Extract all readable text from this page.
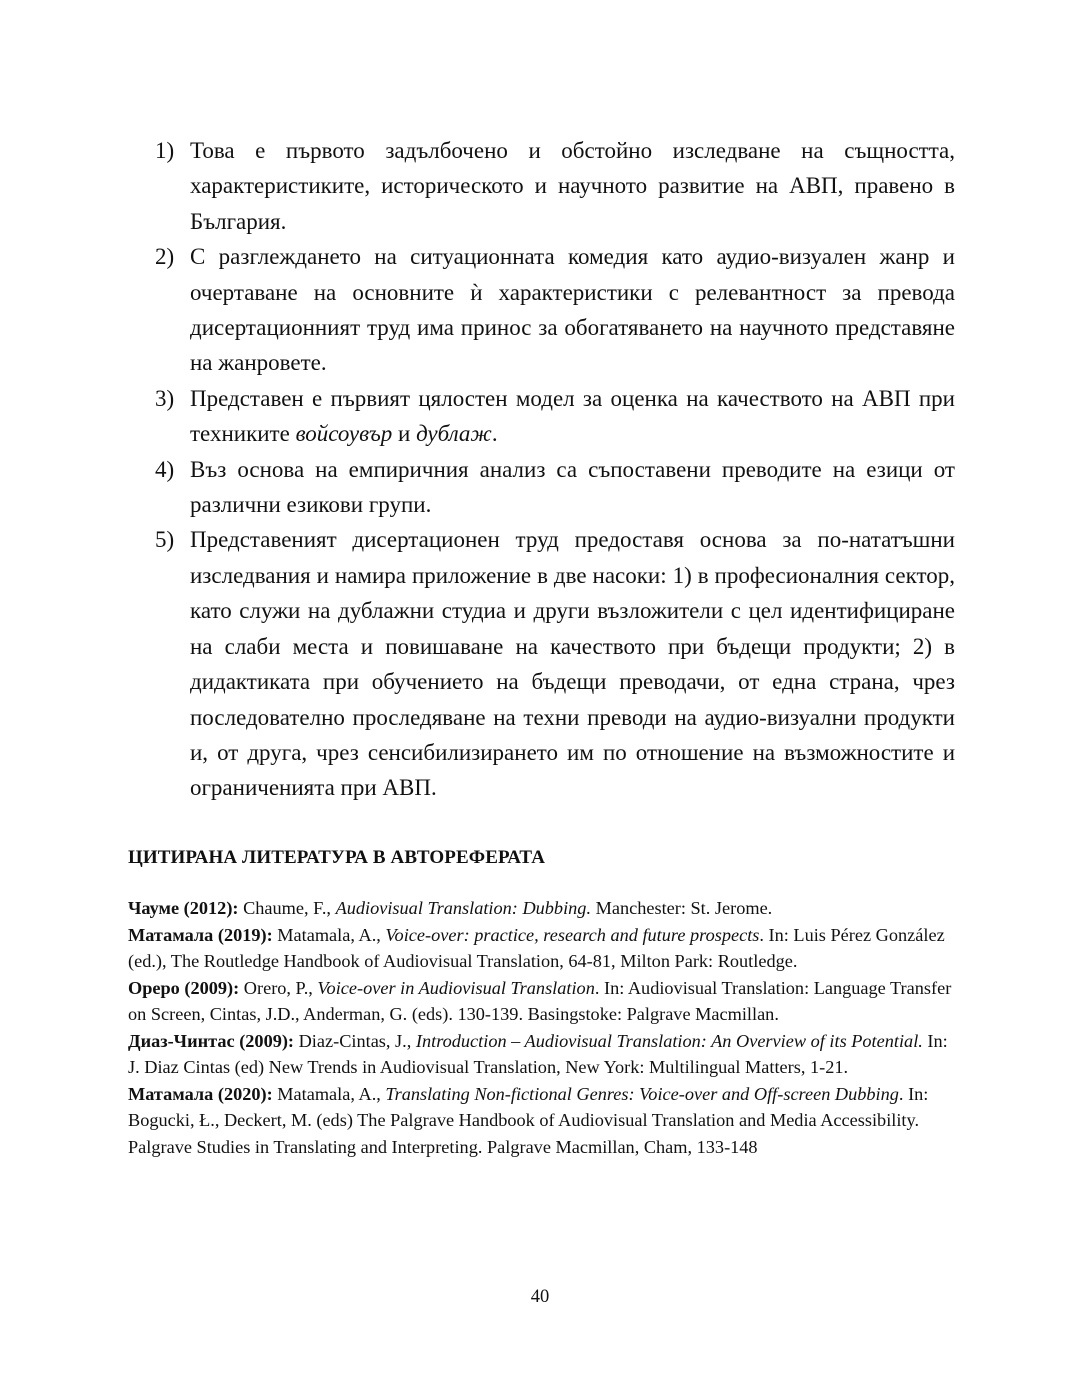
1) Това е първото задълбочено и обстойно изследване на същността, характеристиките, историческото и научното развитие на АВП, правено в България.
2) С разглеждането на ситуационната комедия като аудио-визуален жанр и очертаване на основните ѝ характеристики с релевантност за превода дисертационният труд има принос за обогатяването на научното представяне на жанровете.
3) Представен е първият цялостен модел за оценка на качеството на АВП при техниките войсоувър и дублаж.
4) Въз основа на емпиричния анализ са съпоставени преводите на езици от различни езикови групи.
5) Представеният дисертационен труд предоставя основа за по-нататъшни изследвания и намира приложение в две насоки: 1) в професионалния сектор, като служи на дублажни студиа и други възложители с цел идентифициране на слаби места и повишаване на качеството при бъдещи продукти; 2) в дидактиката при обучението на бъдещи преводачи, от една страна, чрез последователно проследяване на техни преводи на аудио-визуални продукти и, от друга, чрез сенсибилизирането им по отношение на възможностите и ограниченията при АВП.
ЦИТИРАНА ЛИТЕРАТУРА В АВТОРЕФЕРАТА

Чауме (2012): Chaume, F., Audiovisual Translation: Dubbing. Manchester: St. Jerome.

Матамала (2019): Matamala, A., Voice-over: practice, research and future prospects. In: Luis Pérez González (ed.), The Routledge Handbook of Audiovisual Translation, 64-81, Milton Park: Routledge.

Ореро (2009): Orero, P., Voice-over in Audiovisual Translation. In: Audiovisual Translation: Language Transfer on Screen, Cintas, J.D., Anderman, G. (eds). 130-139. Basingstoke: Palgrave Macmillan.

Диаз-Чинтас (2009): Diaz-Cintas, J., Introduction – Audiovisual Translation: An Overview of its Potential. In: J. Diaz Cintas (ed) New Trends in Audiovisual Translation, New York: Multilingual Matters, 1-21.

Матамала (2020): Matamala, A., Translating Non-fictional Genres: Voice-over and Off-screen Dubbing. In: Bogucki, Ł., Deckert, M. (eds) The Palgrave Handbook of Audiovisual Translation and Media Accessibility. Palgrave Studies in Translating and Interpreting. Palgrave Macmillan, Cham, 133-148

40
